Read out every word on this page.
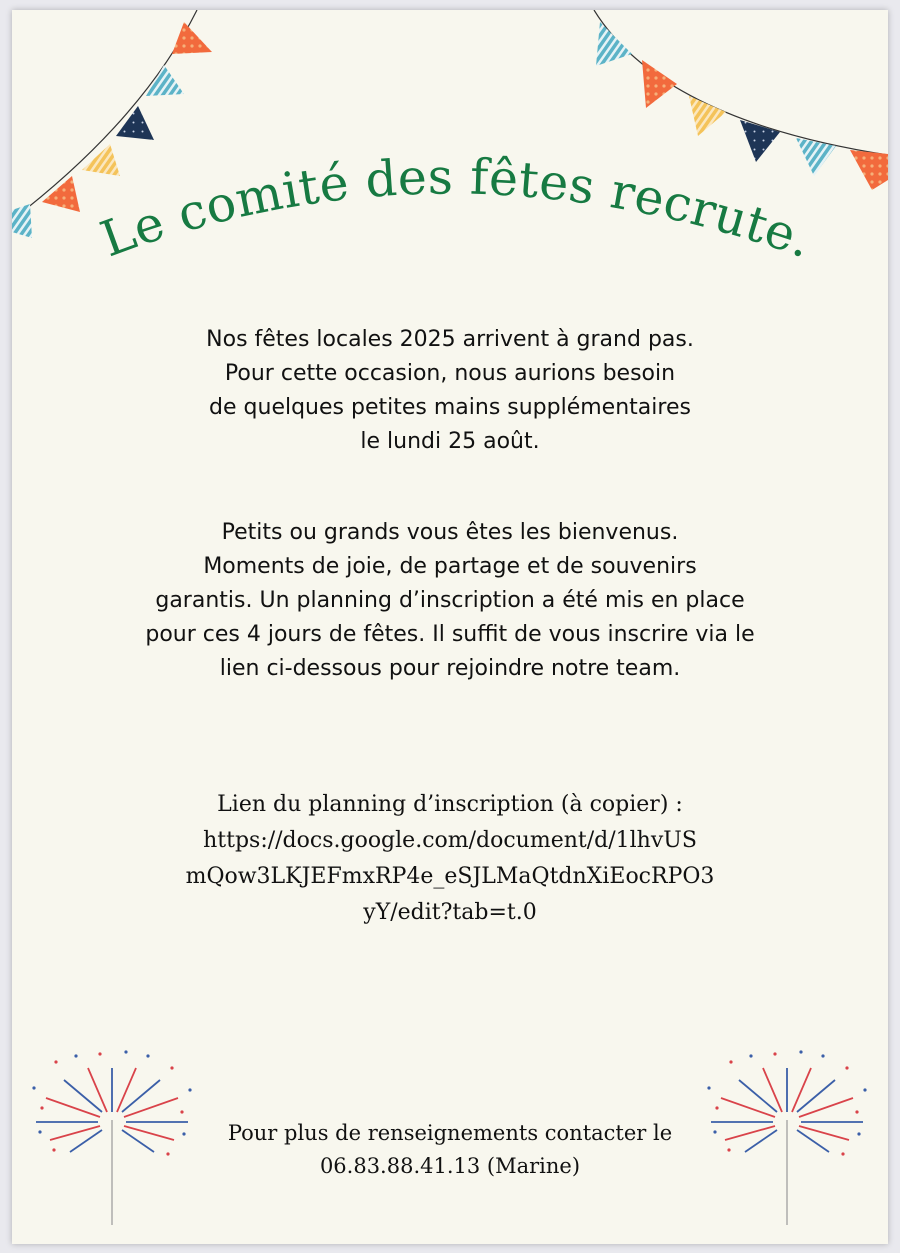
Le comité des fêtes recrute.
Nos fêtes locales 2025 arrivent à grand pas.
Pour cette occasion, nous aurions besoin
de quelques petites mains supplémentaires
le lundi 25 août.
Petits ou grands vous êtes les bienvenus.
Moments de joie, de partage et de souvenirs
garantis. Un planning d’inscription a été mis en place
pour ces 4 jours de fêtes. Il suffit de vous inscrire via le
lien ci-dessous pour rejoindre notre team.
Lien du planning d’inscription (à copier) :
https://docs.google.com/document/d/1lhvUS
mQow3LKJEFmxRP4e_eSJLMaQtdnXiEocRPO3
yY/edit?tab=t.0
Pour plus de renseignements contacter le
06.83.88.41.13 (Marine)
